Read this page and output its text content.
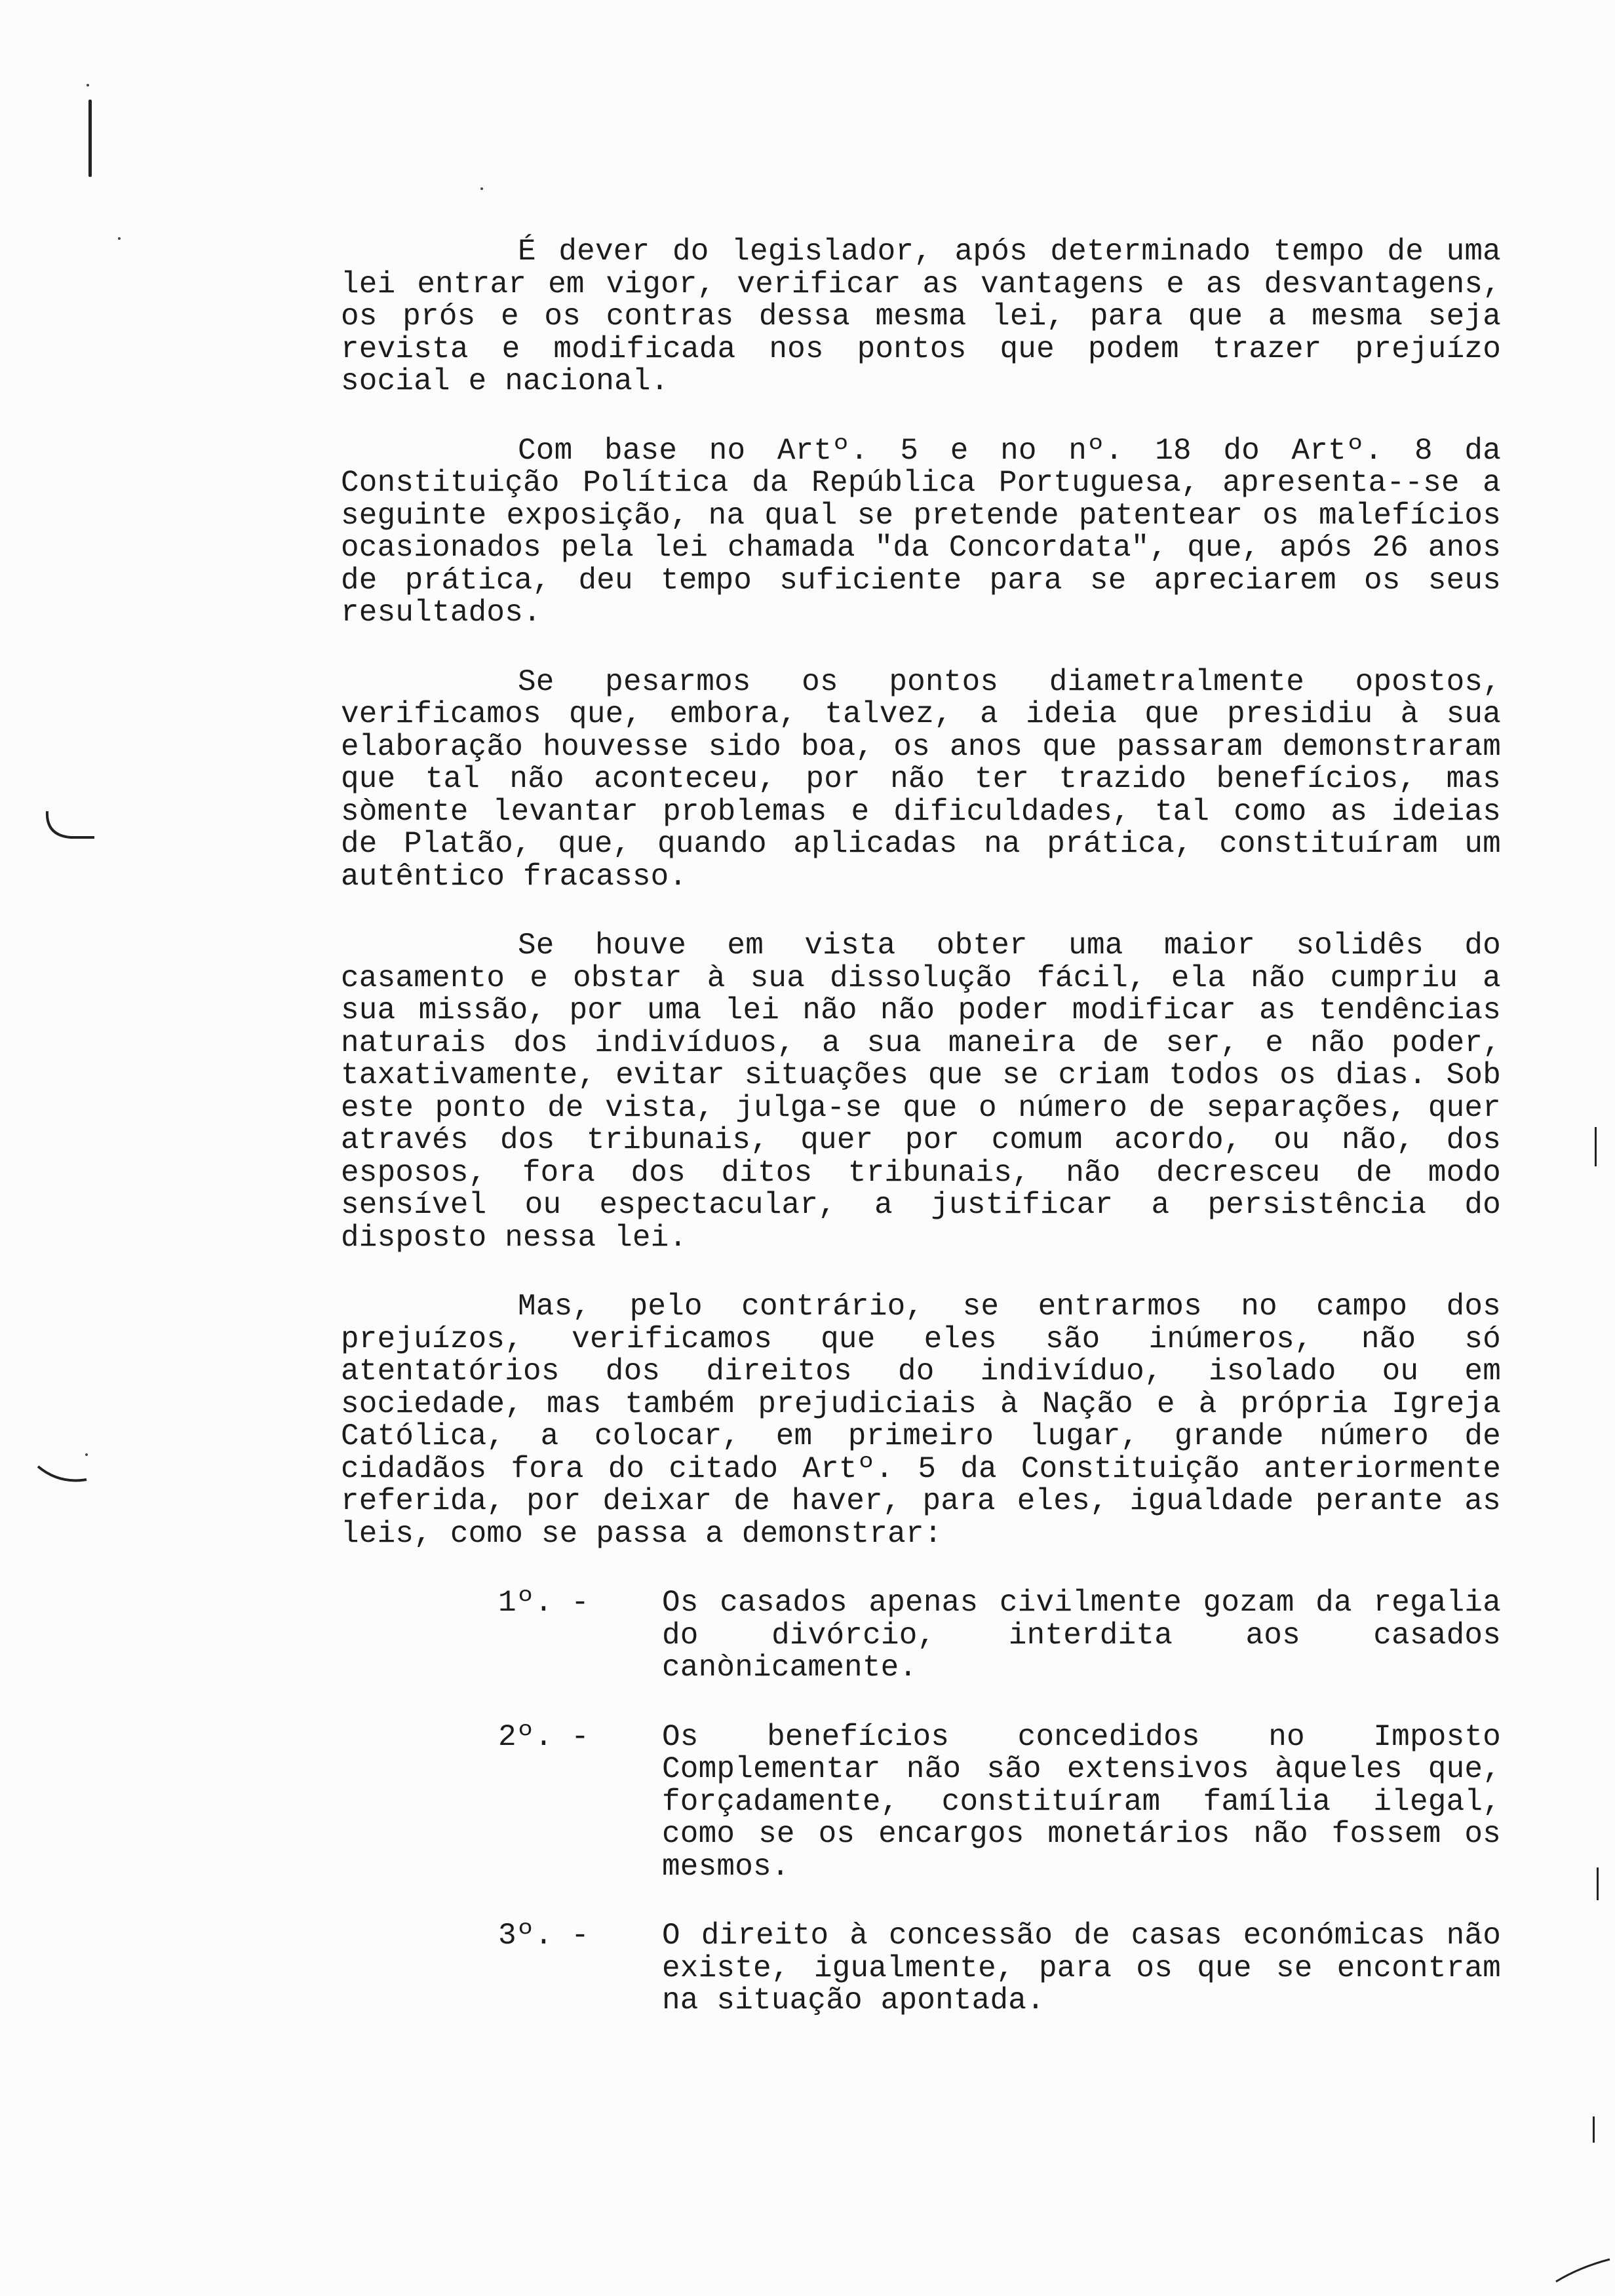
É dever do legislador, após determinado tempo de uma lei entrar em vigor, verificar as vantagens e as desvantagens, os prós e os contras dessa mesma lei, para que a mesma seja revista e modificada nos pontos que podem trazer prejuízo social e nacional.

Com base no Artº. 5 e no nº. 18 do Artº. 8 da Constituição Política da República Portuguesa, apresenta--se a seguinte exposição, na qual se pretende patentear os malefícios ocasionados pela lei chamada "da Concordata", que, após 26 anos de prática, deu tempo suficiente para se apreciarem os seus resultados.

Se pesarmos os pontos diametralmente opostos, verificamos que, embora, talvez, a ideia que presidiu à sua elaboração houvesse sido boa, os anos que passaram demonstraram que tal não aconteceu, por não ter trazido benefícios, mas sòmente levantar problemas e dificuldades, tal como as ideias de Platão, que, quando aplicadas na prática, constituíram um autêntico fracasso.

Se houve em vista obter uma maior solidês do casamento e obstar à sua dissolução fácil, ela não cumpriu a sua missão, por uma lei não não poder modificar as tendências naturais dos indivíduos, a sua maneira de ser, e não poder, taxativamente, evitar situações que se criam todos os dias. Sob este ponto de vista, julga-se que o número de separações, quer através dos tribunais, quer por comum acordo, ou não, dos esposos, fora dos ditos tribunais, não decresceu de modo sensível ou espectacular, a justificar a persistência do disposto nessa lei.

Mas, pelo contrário, se entrarmos no campo dos prejuízos, verificamos que eles são inúmeros, não só atentatórios dos direitos do indivíduo, isolado ou em sociedade, mas também prejudiciais à Nação e à própria Igreja Católica, a colocar, em primeiro lugar, grande número de cidadãos fora do citado Artº. 5 da Constituição anteriormente referida, por deixar de haver, para eles, igualdade perante as leis, como se passa a demonstrar:

1º. - Os casados apenas civilmente gozam da regalia do divórcio, interdita aos casados canònicamente.
2º. - Os benefícios concedidos no Imposto Complementar não são extensivos àqueles que, forçadamente, constituíram família ilegal, como se os encargos monetários não fossem os mesmos.
3º. - O direito à concessão de casas económicas não existe, igualmente, para os que se encontram na situação apontada.
